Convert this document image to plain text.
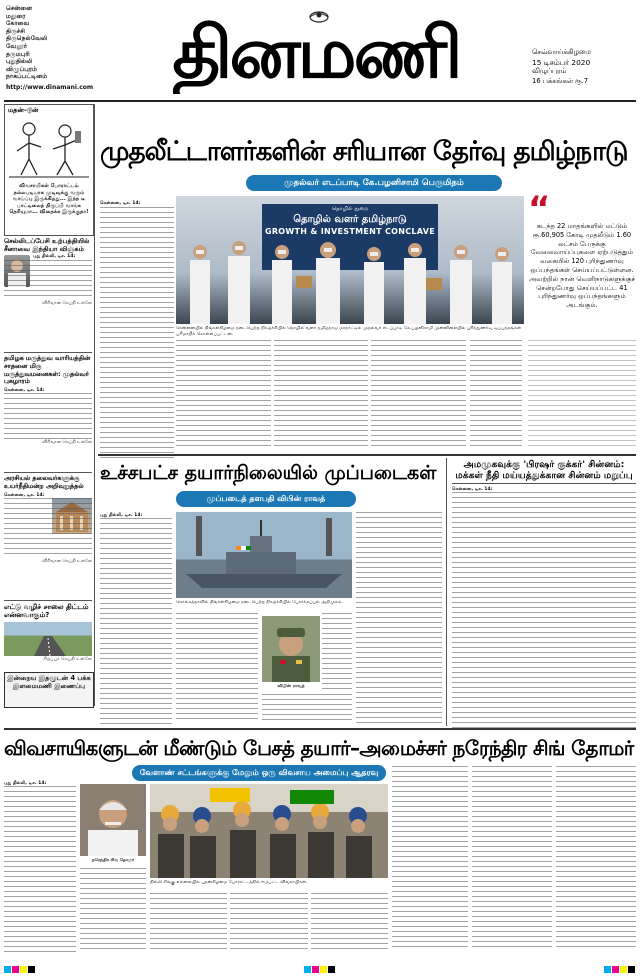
சென்னை
மதுரை
கோவை
திருச்சி
திருநெல்வேலி
வேலூர்
தருமபுரி
புதுதில்லி
விழுப்புரம்
நாகப்பட்டினம்
http://www.dinamani.com தினமணி	செவ்வாய்க்கிழமை
15 டிசம்பர் 2020
விழுப்புரம்
16 பக்கங்கள் ரூ.7
மதன்–டூன்
விவசாயிகள் போராட்டம் நல்லபடியாக முடிவுக்கு வரும் வாய்ப்பு இருக்கிறது... இந்த டீ பாட்டிலைத் திருப்பி வாங்க தெரியுமா... விதைக்க இருக்குதா!
செல்லிடப்பேசி உற்பத்தியில் சீனாவை இந்தியா விஞ்சும்
புது தில்லி, டிச. 14:
விரிவான செய்தி உள்ளே
தமிழக மருத்துவ வாரியத்தின் சாதனை மிகு மருத்துவமனைகள்: முதல்வர் புகழாரம்
சென்னை, டிச. 14:
விரிவான செய்தி உள்ளே
அரசியல் தலைவர்களுக்கு உயர்நீதிமன்ற அறிவுறுத்தல்
சென்னை, டிச. 14:
விரிவான செய்தி உள்ளே
எட்டு வழிச் சாலை திட்டம் என்னவாகும்?
சிறப்புச் செய்தி உள்ளே
இன்றைய இதழுடன் 4 பக்க இளமைமணி இணைப்பு
முதலீட்டாளர்களின் சரியான தேர்வு தமிழ்நாடு
முதல்வர் எடப்பாடி கே.பழனிசாமி பெருமிதம்
சென்னை, டிச. 14:
தொழில் துறை
தொழில் வளர் தமிழ்நாடு
GROWTH & INVESTMENT CONCLAVE
சென்னையில் திங்கள்கிழமை நடைபெற்ற நிகழ்ச்சியில் தொழில் வளர் தமிழ்நாடு மாநாட்டில் முதல்வர் எடப்பாடி கே.பழனிசாமி முன்னிலையில் புரிந்துணர்வு ஒப்பந்தங்கள் பரிமாறிக் கொள்ளப்பட்டன.
“
கடந்த 22 மாதங்களில் மட்டும் ரூ.60,905 கோடி முதலீடும் 1.60 லட்சம் பேருக்கு வேலைவாய்ப்புகளை ஏற்படுத்தும் வகையில் 120 புரிந்துணர்வு ஒப்பந்தங்கள் செய்யப்பட்டுள்ளன. அவற்றில் நான் வெளிநாடுகளுக்குச் சென்றபோது செய்யப்பட்ட 41 புரிந்துணர்வு ஒப்பந்தங்களும் அடங்கும்.
உச்சபட்ச தயார்நிலையில் முப்படைகள்
முப்படைத் தளபதி விபின் ராவத்
புது தில்லி, டிச. 14:
கொல்கத்தாவில் திங்கள்கிழமை நடைபெற்ற நிகழ்ச்சியில் போர்க்கப்பல் அறிமுகம்.
விபின் ராவத்
அமமுகவுக்கு 'பிரஷர் குக்கர்' சின்னம்:
மக்கள் நீதி மய்யத்துக்கான சின்னம் மறுப்பு
சென்னை, டிச. 14:
விவசாயிகளுடன் மீண்டும் பேசத் தயார்–அமைச்சர் நரேந்திர சிங் தோமர்
வேளாண் சட்டங்களுக்கு மேலும் ஒரு விவசாய அமைப்பு ஆதரவு
புது தில்லி, டிச. 14:
நரேந்திர சிங் தோமர்
தில்லி சிங்கு எல்லையில் புதன்கிழமை போராட்டத்தில் ஈடுபட்ட விவசாயிகள்.
